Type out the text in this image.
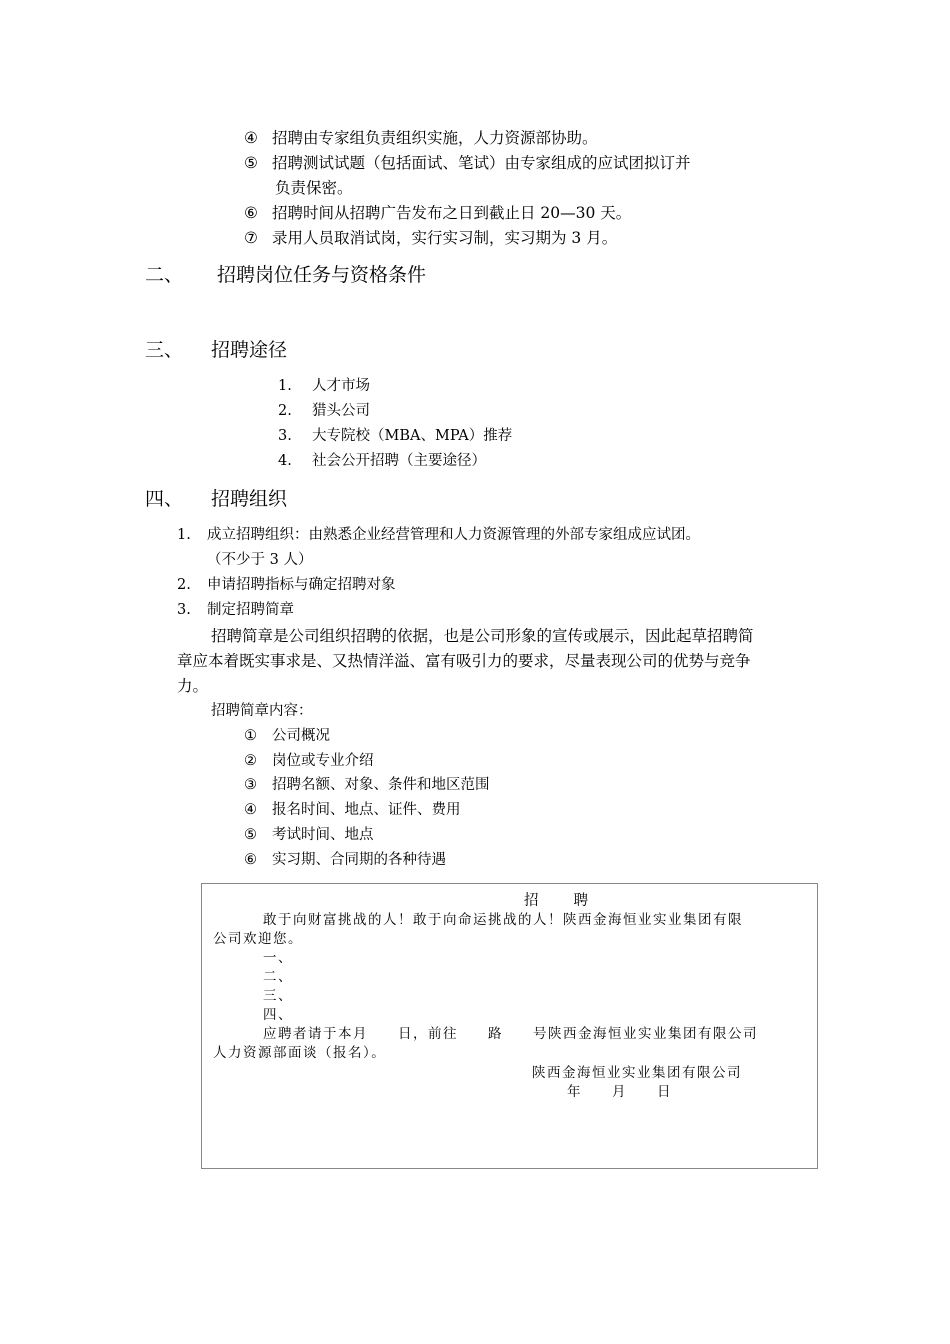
④ 招聘由专家组负责组织实施，人力资源部协助。
⑤ 招聘测试试题（包括面试、笔试）由专家组成的应试团拟订并
负责保密。
⑥ 招聘时间从招聘广告发布之日到截止日 20—30 天。
⑦ 录用人员取消试岗，实行实习制，实习期为 3 月。
二、 招聘岗位任务与资格条件
三、 招聘途径
1. 人才市场
2. 猎头公司
3. 大专院校（MBA、MPA）推荐
4. 社会公开招聘（主要途径）
四、 招聘组织
1. 成立招聘组织：由熟悉企业经营管理和人力资源管理的外部专家组成应试团。
（不少于 3 人）
2. 申请招聘指标与确定招聘对象
3. 制定招聘简章
招聘简章是公司组织招聘的依据，也是公司形象的宣传或展示，因此起草招聘简
章应本着既实事求是、又热情洋溢、富有吸引力的要求，尽量表现公司的优势与竞争
力。
招聘简章内容：
① 公司概况
② 岗位或专业介绍
③ 招聘名额、对象、条件和地区范围
④ 报名时间、地点、证件、费用
⑤ 考试时间、地点
⑥ 实习期、合同期的各种待遇
招　　聘
敢于向财富挑战的人！敢于向命运挑战的人！陕西金海恒业实业集团有限
公司欢迎您。
一、
二、
三、
四、
应聘者请于本月　　日，前往　　路　　号陕西金海恒业实业集团有限公司
人力资源部面谈（报名）。
陕西金海恒业实业集团有限公司
年　　月　　日
